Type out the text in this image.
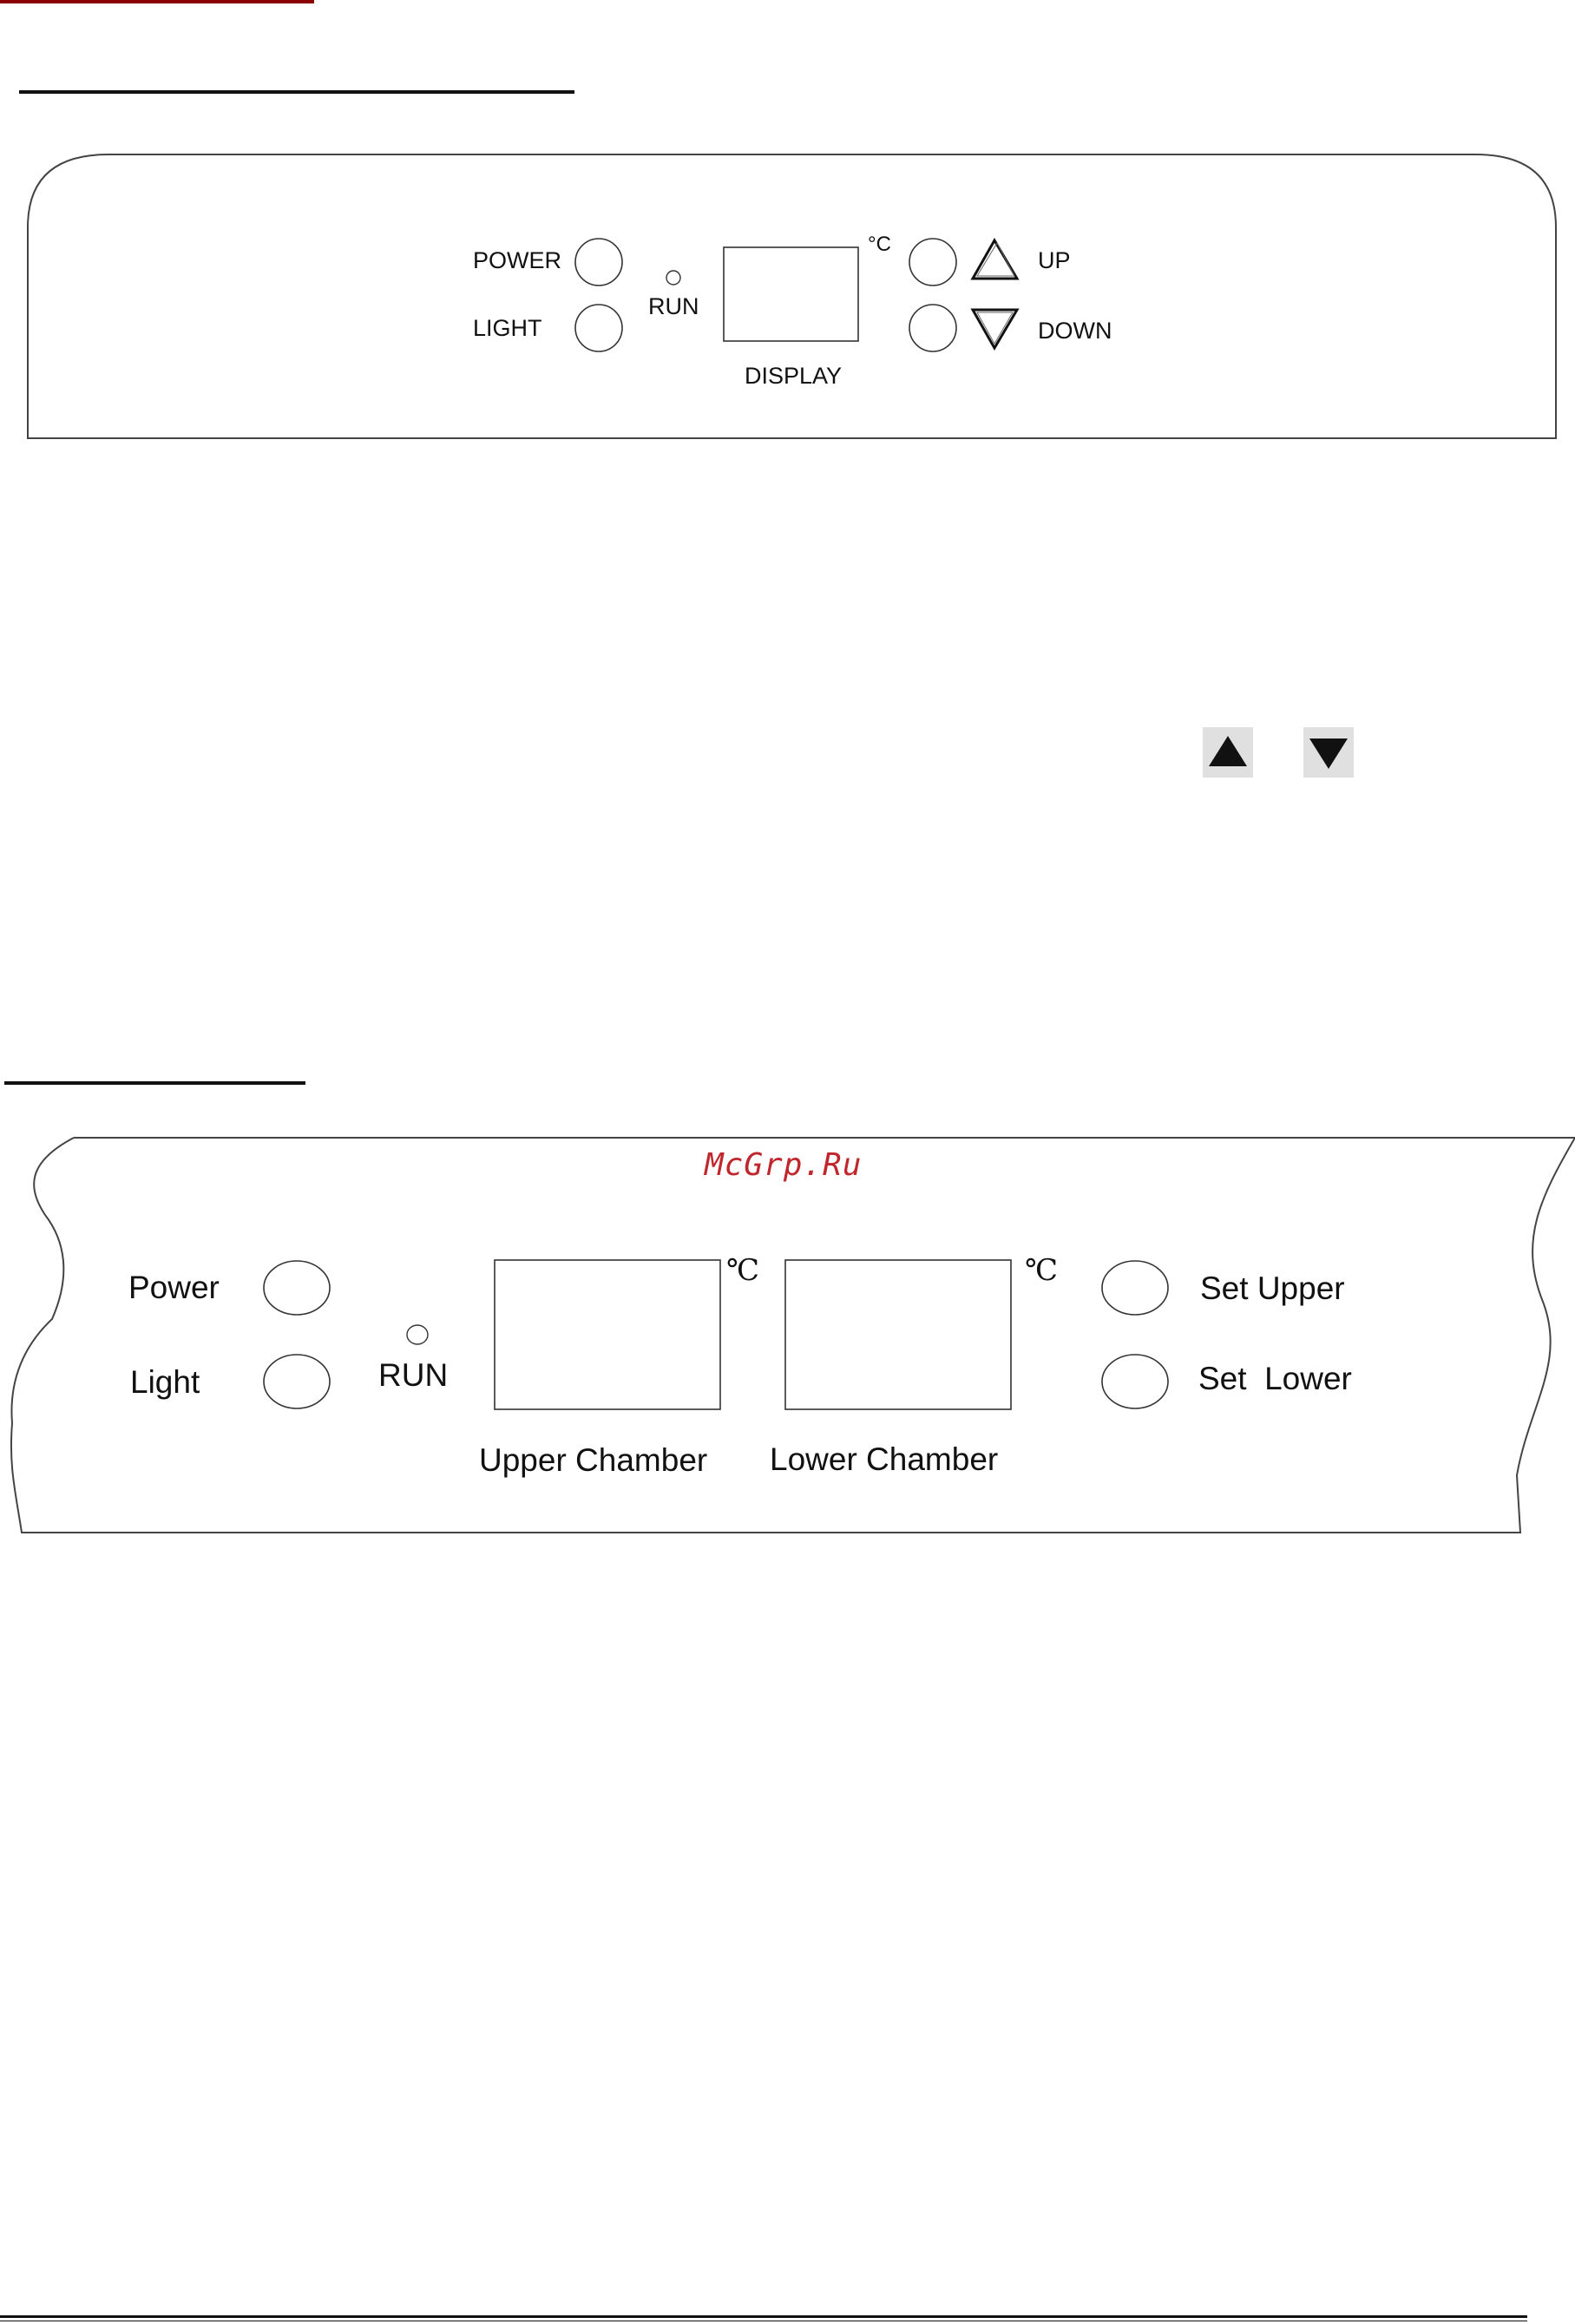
POWER
LIGHT
RUN
DISPLAY
°C
UP
DOWN
McGrp.Ru
Power
Light	RUN
℃	℃
Upper Chamber Lower Chamber
Set Upper
Set  Lower
